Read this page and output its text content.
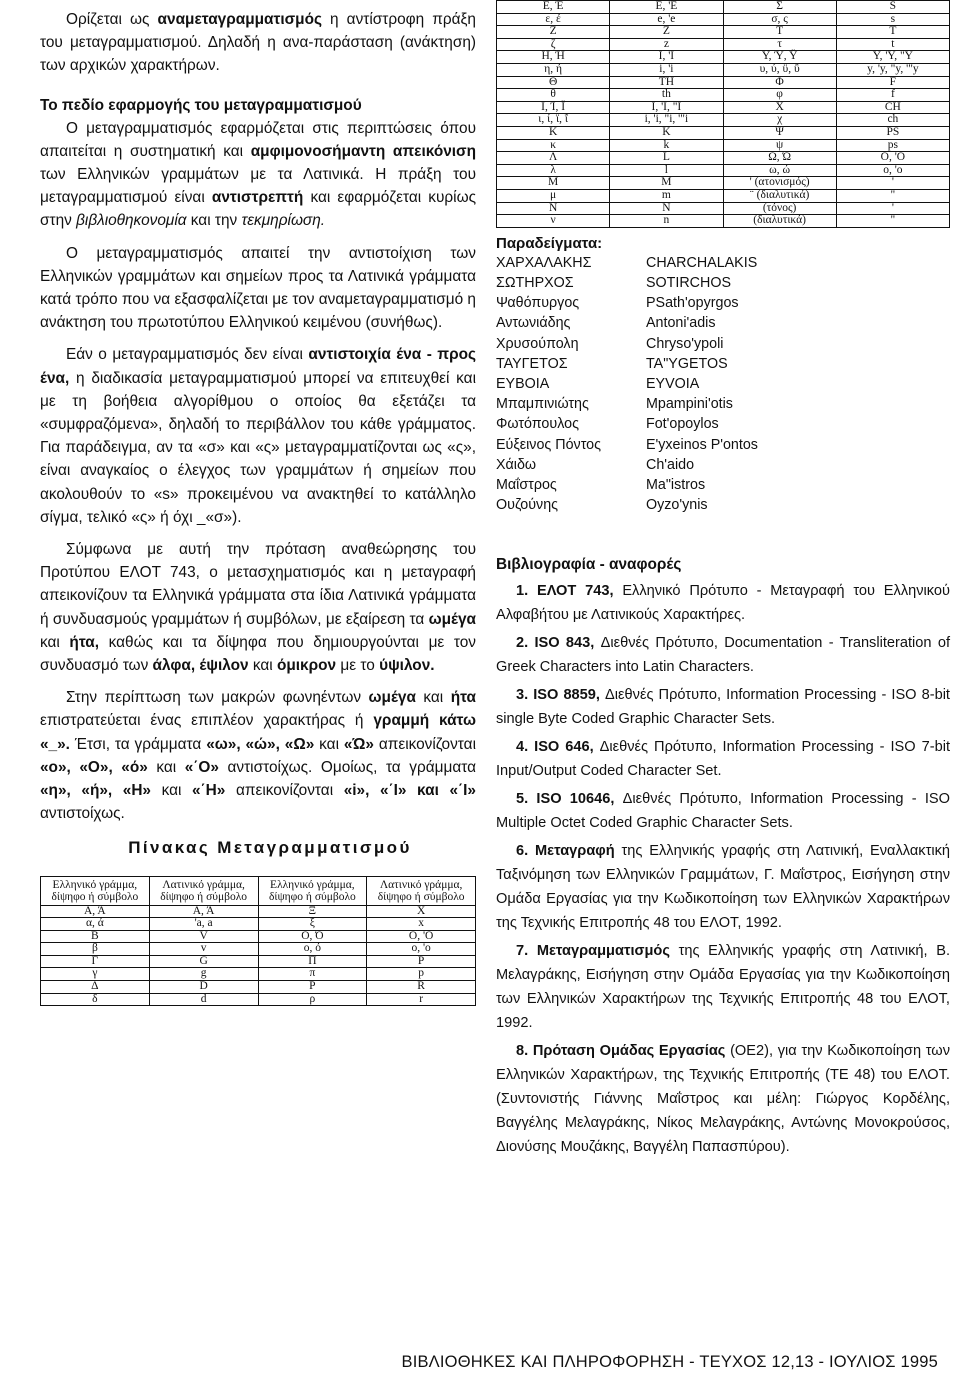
Ορίζεται ως αναμεταγραμματισμός η αντίστροφη πράξη του μεταγραμματισμού. Δηλαδή η ανα-παράσταση (ανάκτηση) των αρχικών χαρακτήρων.

Το πεδίο εφαρμογής του μεταγραμματισμού

Ο μεταγραμματισμός εφαρμόζεται στις περιπτώσεις όπου απαιτείται η συστηματική και αμφιμονοσήμαντη απεικόνιση των Ελληνικών γραμμάτων με τα Λατινικά. Η πράξη του μεταγραμματισμού είναι αντιστρεπτή και εφαρμόζεται κυρίως στην βιβλιοθηκονομία και την τεκμηρίωση.

Ο μεταγραμματισμός απαιτεί την αντιστοίχιση των Ελληνικών γραμμάτων και σημείων προς τα Λατινικά γράμματα κατά τρόπο που να εξασφαλίζεται με τον αναμεταγραμματισμό η ανάκτηση του πρωτοτύπου Ελληνικού κειμένου (συνήθως).

Εάν ο μεταγραμματισμός δεν είναι αντιστοιχία ένα - προς ένα, η διαδικασία μεταγραμματισμού μπορεί να επιτευχθεί και με τη βοήθεια αλγορίθμου ο οποίος θα εξετάζει τα «συμφραζόμενα», δηλαδή το περιβάλλον του κάθε γράμματος. Για παράδειγμα, αν τα «σ» και «ς» μεταγραμματίζονται ως «ς», είναι αναγκαίος ο έλεγχος των γραμμάτων ή σημείων που ακολουθούν το «s» προκειμένου να ανακτηθεί το κατάλληλο σίγμα, τελικό «ς» ή όχι _«σ»).

Σύμφωνα με αυτή την πρόταση αναθεώρησης του Προτύπου ΕΛΟΤ 743, ο μετασχηματισμός και η μεταγραφή απεικονίζουν τα Ελληνικά γράμματα στα ίδια Λατινικά γράμματα ή συνδυασμούς γραμμάτων ή συμβόλων, με εξαίρεση τα ωμέγα και ήτα, καθώς και τα δίψηφα που δημιουργούνται με τον συνδυασμό των άλφα, έψιλον και όμικρον με το ύψιλον.

Στην περίπτωση των μακρών φωνηέντων ωμέγα και ήτα επιστρατεύεται ένας επιπλέον χαρακτήρας ή γραμμή κάτω «_». Έτσι, τα γράμματα «ω», «ώ», «Ω» και «Ώ» απεικονίζονται «ο», «Ο», «ό» και «΄Ο» αντιστοίχως. Ομοίως, τα γράμματα «η», «ή», «Η» και «΄Η» απεικονίζονται «i», «΄I» και «΄I» αντιστοίχως.

Πίνακας Μεταγραμματισμού
Ελληνικό γράμμα, δίψηφο ή σύμβολο	Λατινικό γράμμα, δίψηφο ή σύμβολο	Ελληνικό γράμμα, δίψηφο ή σύμβολο	Λατινικό γράμμα, δίψηφο ή σύμβολο
Α, Ά	Α, Ά	Ξ	Χ
α, ά	'a, a	ξ	x
Β	V	Ο, Ό	Ο, 'Ο
β	v	ο, ό	o, 'o
Γ	G	Π	P
γ	g	π	p
Δ	D	Ρ	R
δ	d	ρ	r
Ε, Έ	Ε, 'Ε	Σ	S
ε, έ	e, 'e	σ, ς	s
Ζ	Ζ	Τ	Τ
ζ	z	τ	t
Η, Ή	Ι, 'Ι	Υ, Ύ, Ϋ	Y, 'Y, "Y
η, ή	i, 'i	υ, ύ, ϋ, ΰ	y, 'y, "y, '"y
Θ	TH	Φ	F
θ	th	φ	f
Ι, Ί, Ϊ	Ι, 'Ι, "Ι	Χ	CH
ι, ί, ϊ, ΐ	i, 'i, "i, '"i	χ	ch
Κ	Κ	Ψ	PS
κ	k	ψ	ps
Λ	L	Ω, Ώ	Ο, 'Ο
λ	l	ω, ώ	o, 'o
Μ	Μ	' (ατονισμός)	'
μ	m	¨ (διαλυτικά)	"
Ν	Ν	(τόνος)	'
ν	n	(διαλυτικά)	"
Παραδείγματα:
ΧΑΡΧΑΛΑΚΗΣ	CHARCHALAKIS
ΣΩΤΗΡΧΟΣ	SOTIRCHOS
Ψαθόπυργος	PSath'opyrgos
Αντωνιάδης	Antoni'adis
Χρυσούπολη	Chryso'ypoli
ΤΑΥΓΕΤΟΣ	TA"YGETOS
ΕΥΒΟΙΑ	EYVOIA
Μπαμπινιώτης	Mpampini'otis
Φωτόπουλος	Fot'opoylos
Εύξεινος Πόντος	E'yxeinos P'ontos
Χάιδω	Ch'aido
Μαΐστρος	Ma"istros
Ουζούνης	Oyzo'ynis
Βιβλιογραφία - αναφορές

1. ΕΛΟΤ 743, Ελληνικό Πρότυπο - Μεταγραφή του Ελληνικού Αλφαβήτου με Λατινικούς Χαρακτήρες.

2. ISO 843, Διεθνές Πρότυπο, Documentation - Transliteration of Greek Characters into Latin Characters.

3. ISO 8859, Διεθνές Πρότυπο, Information Processing - ISO 8-bit single Byte Coded Graphic Character Sets.

4. ISO 646, Διεθνές Πρότυπο, Information Processing - ISO 7-bit Input/Output Coded Character Set.

5. ISO 10646, Διεθνές Πρότυπο, Information Processing - ISO Multiple Octet Coded Graphic Character Sets.

6. Μεταγραφή της Ελληνικής γραφής στη Λατινική, Εναλλακτική Ταξινόμηση των Ελληνικών Γραμμάτων, Γ. Μαΐστρος, Εισήγηση στην Ομάδα Εργασίας για την Κωδικοποίηση των Ελληνικών Χαρακτήρων της Τεχνικής Επιτροπής 48 του ΕΛΟΤ, 1992.

7. Μεταγραμματισμός της Ελληνικής γραφής στη Λατινική, Β. Μελαγράκης, Εισήγηση στην Ομάδα Εργασίας για την Κωδικοποίηση των Ελληνικών Χαρακτήρων της Τεχνικής Επιτροπής 48 του ΕΛΟΤ, 1992.

8. Πρόταση Ομάδας Εργασίας (ΟΕ2), για την Κωδικοποίηση των Ελληνικών Χαρακτήρων, της Τεχνικής Επιτροπής (ΤΕ 48) του ΕΛΟΤ. (Συντονιστής Γιάννης Μαΐστρος και μέλη: Γιώργος Κορδέλης, Βαγγέλης Μελαγράκης, Νίκος Μελαγράκης, Αντώνης Μονοκρούσος, Διονύσης Μουζάκης, Βαγγέλη Παπασπύρου).

ΒΙΒΛΙΟΘΗΚΕΣ ΚΑΙ ΠΛΗΡΟΦΟΡΗΣΗ - ΤΕΥΧΟΣ 12,13 - ΙΟΥΛΙΟΣ 1995
